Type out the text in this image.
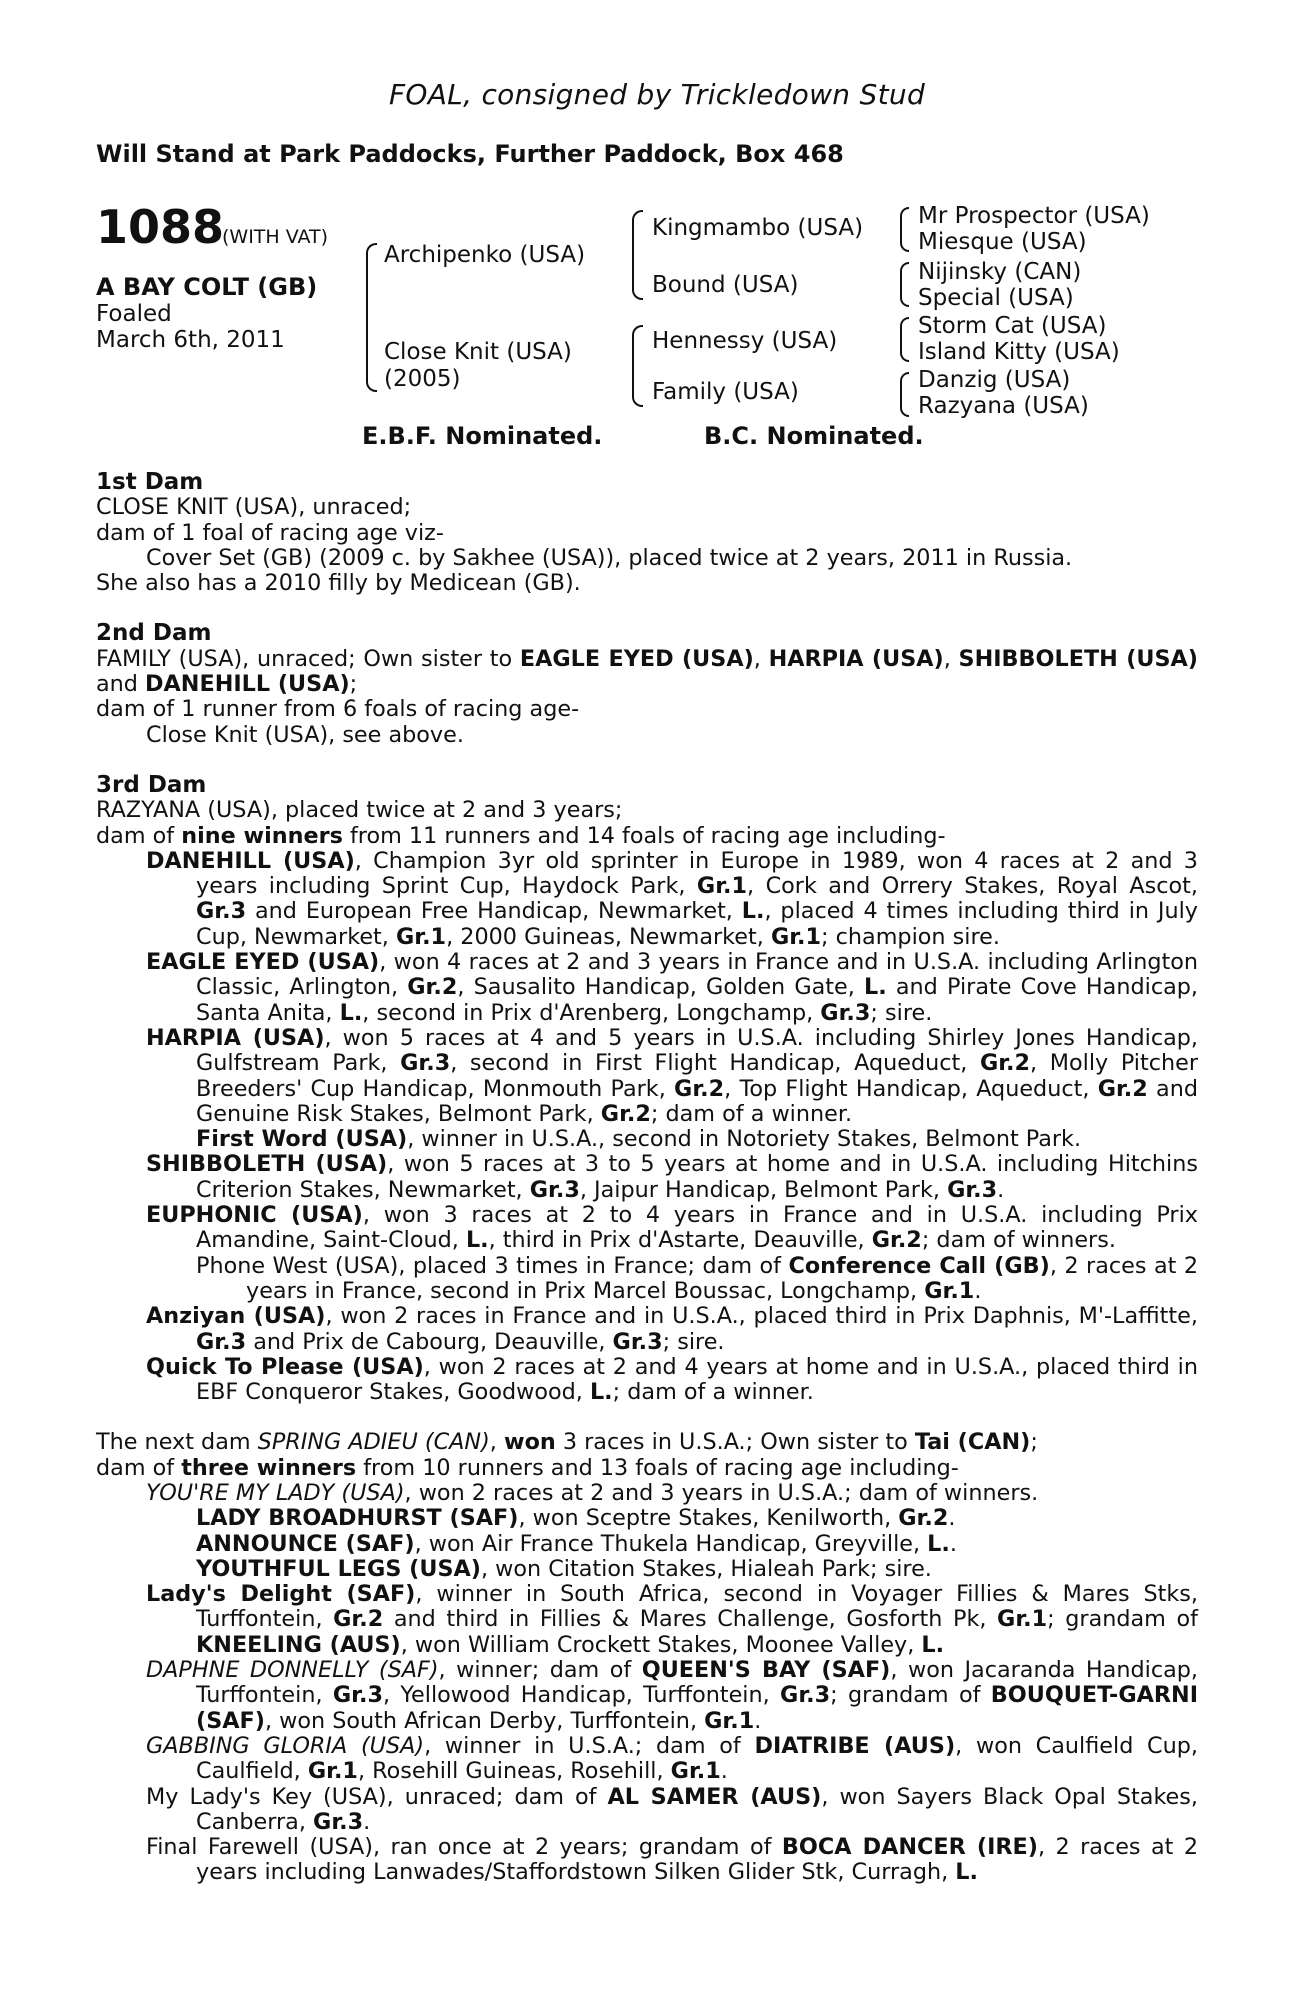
FOAL, consigned by Trickledown Stud
Will Stand at Park Paddocks, Further Paddock, Box 468
1088
(WITH VAT)
A BAY COLT (GB)
Foaled
March 6th, 2011
Archipenko (USA)
Close Knit (USA)
(2005)
Kingmambo (USA)
Bound (USA)
Hennessy (USA)
Family (USA)
Mr Prospector (USA)
Miesque (USA)
Nijinsky (CAN)
Special (USA)
Storm Cat (USA)
Island Kitty (USA)
Danzig (USA)
Razyana (USA)
E.B.F. Nominated.	B.C. Nominated.
1st Dam
CLOSE KNIT (USA), unraced;
dam of 1 foal of racing age viz-
Cover Set (GB) (2009 c. by Sakhee (USA)), placed twice at 2 years, 2011 in Russia.
She also has a 2010 filly by Medicean (GB).
2nd Dam
FAMILY (USA), unraced; Own sister to EAGLE EYED (USA), HARPIA (USA), SHIBBOLETH (USA) and DANEHILL (USA);
dam of 1 runner from 6 foals of racing age-
Close Knit (USA), see above.
3rd Dam
RAZYANA (USA), placed twice at 2 and 3 years;
dam of nine winners from 11 runners and 14 foals of racing age including-
DANEHILL (USA), Champion 3yr old sprinter in Europe in 1989, won 4 races at 2 and 3 years including Sprint Cup, Haydock Park, Gr.1, Cork and Orrery Stakes, Royal Ascot, Gr.3 and European Free Handicap, Newmarket, L., placed 4 times including third in July Cup, Newmarket, Gr.1, 2000 Guineas, Newmarket, Gr.1; champion sire.
EAGLE EYED (USA), won 4 races at 2 and 3 years in France and in U.S.A. including Arlington Classic, Arlington, Gr.2, Sausalito Handicap, Golden Gate, L. and Pirate Cove Handicap, Santa Anita, L., second in Prix d'Arenberg, Longchamp, Gr.3; sire.
HARPIA (USA), won 5 races at 4 and 5 years in U.S.A. including Shirley Jones Handicap, Gulfstream Park, Gr.3, second in First Flight Handicap, Aqueduct, Gr.2, Molly Pitcher Breeders' Cup Handicap, Monmouth Park, Gr.2, Top Flight Handicap, Aqueduct, Gr.2 and Genuine Risk Stakes, Belmont Park, Gr.2; dam of a winner.
First Word (USA), winner in U.S.A., second in Notoriety Stakes, Belmont Park.
SHIBBOLETH (USA), won 5 races at 3 to 5 years at home and in U.S.A. including Hitchins Criterion Stakes, Newmarket, Gr.3, Jaipur Handicap, Belmont Park, Gr.3.
EUPHONIC (USA), won 3 races at 2 to 4 years in France and in U.S.A. including Prix Amandine, Saint-Cloud, L., third in Prix d'Astarte, Deauville, Gr.2; dam of winners.
Phone West (USA), placed 3 times in France; dam of Conference Call (GB), 2 races at 2 years in France, second in Prix Marcel Boussac, Longchamp, Gr.1.
Anziyan (USA), won 2 races in France and in U.S.A., placed third in Prix Daphnis, M'-Laffitte, Gr.3 and Prix de Cabourg, Deauville, Gr.3; sire.
Quick To Please (USA), won 2 races at 2 and 4 years at home and in U.S.A., placed third in EBF Conqueror Stakes, Goodwood, L.; dam of a winner.
The next dam SPRING ADIEU (CAN), won 3 races in U.S.A.; Own sister to Tai (CAN);
dam of three winners from 10 runners and 13 foals of racing age including-
YOU'RE MY LADY (USA), won 2 races at 2 and 3 years in U.S.A.; dam of winners.
LADY BROADHURST (SAF), won Sceptre Stakes, Kenilworth, Gr.2.
ANNOUNCE (SAF), won Air France Thukela Handicap, Greyville, L..
YOUTHFUL LEGS (USA), won Citation Stakes, Hialeah Park; sire.
Lady's Delight (SAF), winner in South Africa, second in Voyager Fillies & Mares Stks, Turffontein, Gr.2 and third in Fillies & Mares Challenge, Gosforth Pk, Gr.1; grandam of KNEELING (AUS), won William Crockett Stakes, Moonee Valley, L.
DAPHNE DONNELLY (SAF), winner; dam of QUEEN'S BAY (SAF), won Jacaranda Handicap, Turffontein, Gr.3, Yellowood Handicap, Turffontein, Gr.3; grandam of BOUQUET-GARNI (SAF), won South African Derby, Turffontein, Gr.1.
GABBING GLORIA (USA), winner in U.S.A.; dam of DIATRIBE (AUS), won Caulfield Cup, Caulfield, Gr.1, Rosehill Guineas, Rosehill, Gr.1.
My Lady's Key (USA), unraced; dam of AL SAMER (AUS), won Sayers Black Opal Stakes, Canberra, Gr.3.
Final Farewell (USA), ran once at 2 years; grandam of BOCA DANCER (IRE), 2 races at 2 years including Lanwades/Staffordstown Silken Glider Stk, Curragh, L.
